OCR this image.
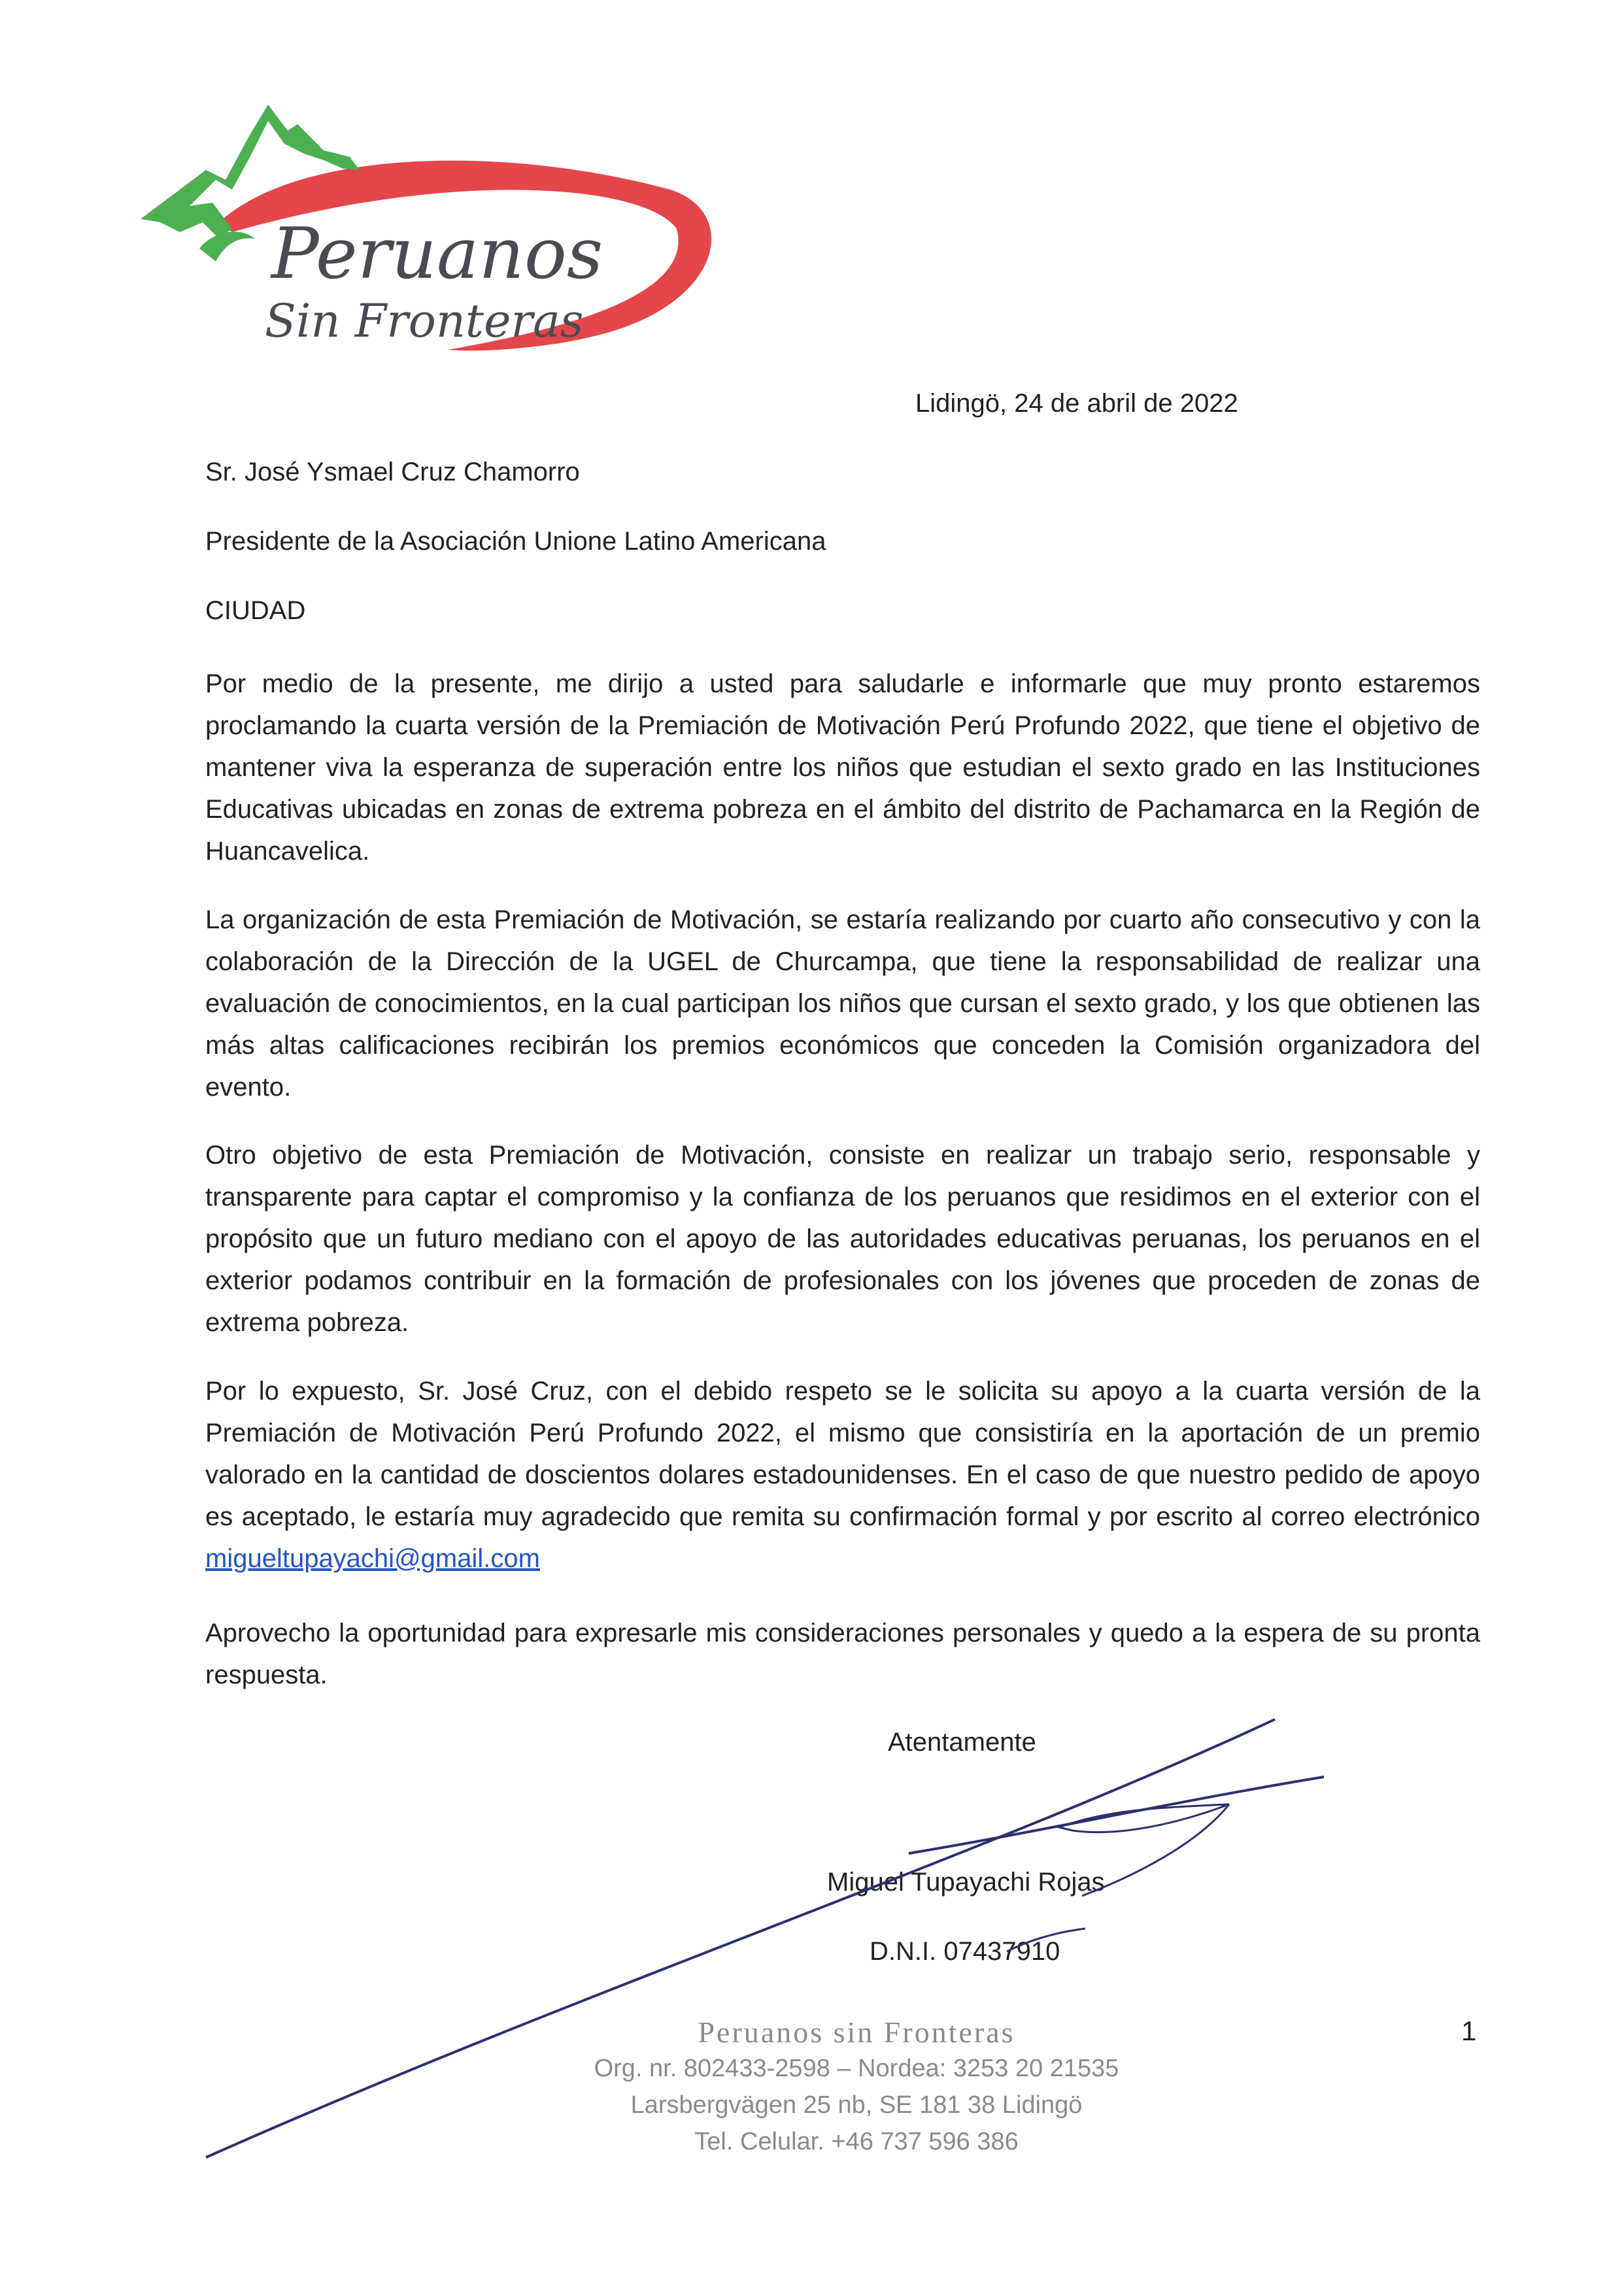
Peruanos
Sin Fronteras
Lidingö, 24 de abril de 2022
Sr. José Ysmael Cruz Chamorro
Presidente de la Asociación Unione Latino Americana
CIUDAD

Por medio de la presente, me dirijo a usted para saludarle e informarle que muy pronto estaremos proclamando la cuarta versión de la Premiación de Motivación Perú Profundo 2022, que tiene el objetivo de mantener viva la esperanza de superación entre los niños que estudian el sexto grado en las Instituciones Educativas ubicadas en zonas de extrema pobreza en el ámbito del distrito de Pachamarca en la Región de Huancavelica.

La organización de esta Premiación de Motivación, se estaría realizando por cuarto año consecutivo y con la colaboración de la Dirección de la UGEL de Churcampa, que tiene la responsabilidad de realizar una evaluación de conocimientos, en la cual participan los niños que cursan el sexto grado, y los que obtienen las más altas calificaciones recibirán los premios económicos que conceden la Comisión organizadora del evento.

Otro objetivo de esta Premiación de Motivación, consiste en realizar un trabajo serio, responsable y transparente para captar el compromiso y la confianza de los peruanos que residimos en el exterior con el propósito que un futuro mediano con el apoyo de las autoridades educativas peruanas, los peruanos en el exterior podamos contribuir en la formación de profesionales con los jóvenes que proceden de zonas de extrema pobreza.

Por lo expuesto, Sr. José Cruz, con el debido respeto se le solicita su apoyo a la cuarta versión de la Premiación de Motivación Perú Profundo 2022, el mismo que consistiría en la aportación de un premio valorado en la cantidad de doscientos dolares estadounidenses. En el caso de que nuestro pedido de apoyo es aceptado, le estaría muy agradecido que remita su confirmación formal y por escrito al correo electrónico migueltupayachi@gmail.com

Aprovecho la oportunidad para expresarle mis consideraciones personales y quedo a la espera de su pronta respuesta.

Atentamente
Miguel Tupayachi Rojas
D.N.I. 07437910
Peruanos sin Fronteras
Org. nr. 802433-2598 – Nordea: 3253 20 21535
Larsbergvägen 25 nb, SE 181 38 Lidingö
Tel. Celular. +46 737 596 386
1
